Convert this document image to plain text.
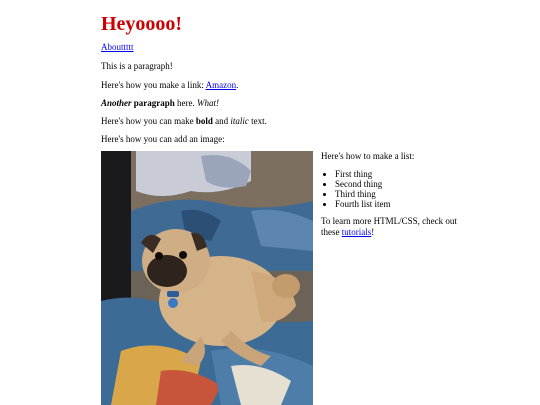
Heyoooo!

Abouttttt

This is a paragraph!

Here's how you make a link: Amazon.

Another paragraph here. What!

Here's how you can make bold and italic text.

Here's how you can add an image:

Here's how to make a list:

• First thing
• Second thing
• Third thing
• Fourth list item

To learn more HTML/CSS, check out these tutorials!
